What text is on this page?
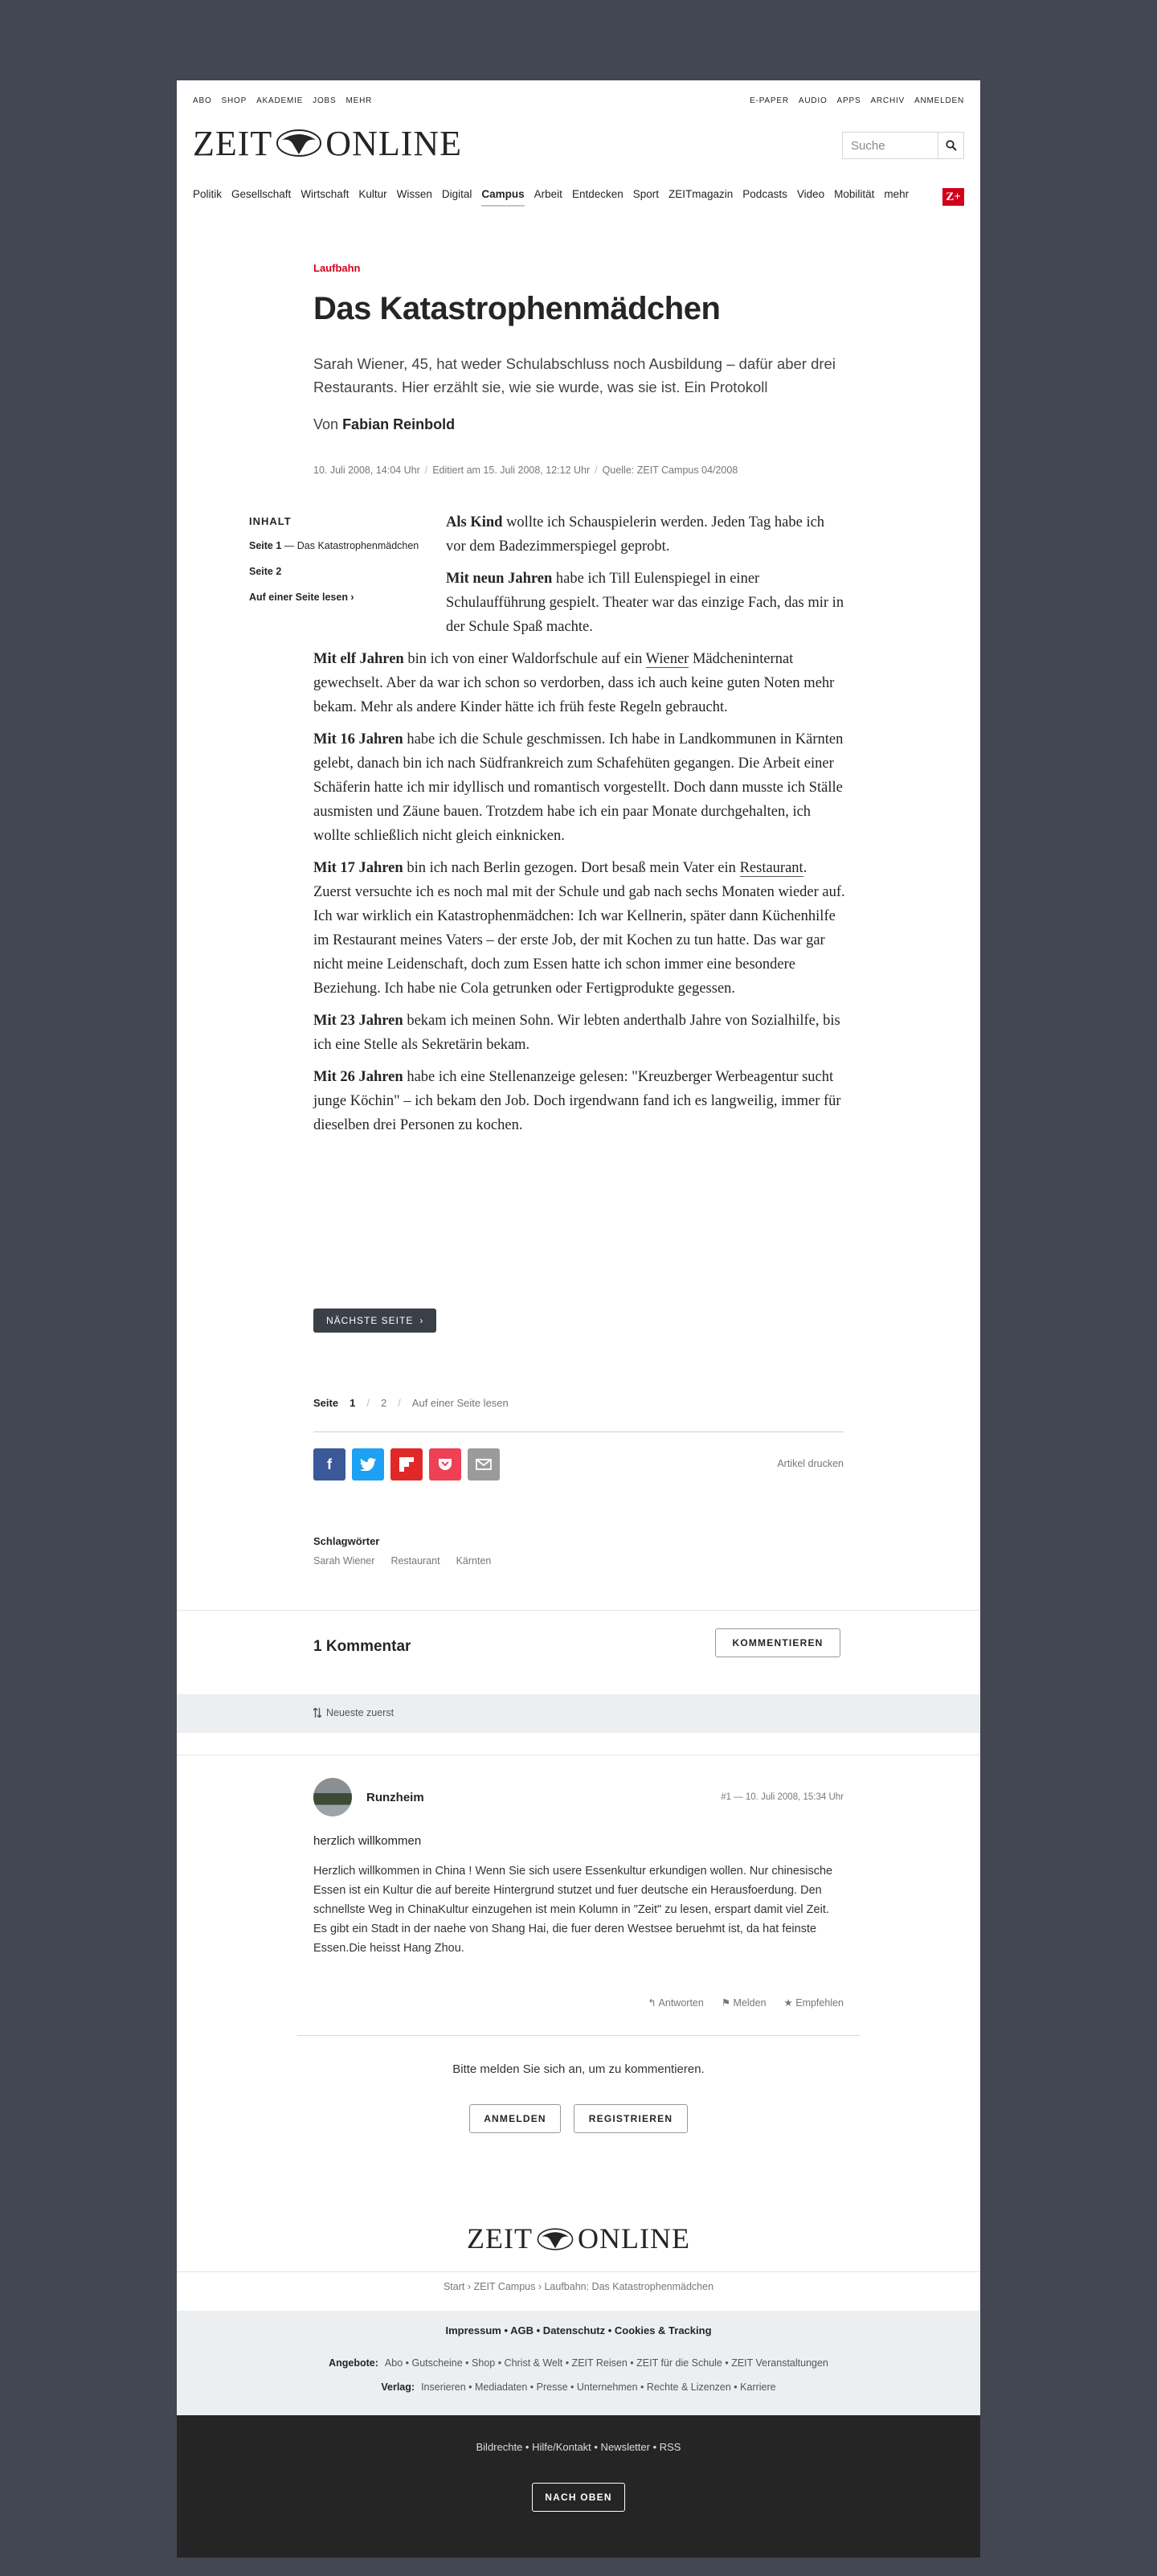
ABO SHOP AKADEMIE JOBS MEHR	E-PAPER AUDIO APPS ARCHIV ANMELDEN
ZEIT ONLINE
Suche
Politik Gesellschaft Wirtschaft Kultur Wissen Digital Campus Arbeit Entdecken Sport ZEITmagazin Podcasts Video Mobilität mehr	Z+
Laufbahn
Das Katastrophenmädchen

Sarah Wiener, 45, hat weder Schulabschluss noch Ausbildung – dafür aber drei Restaurants. Hier erzählt sie, wie sie wurde, was sie ist. Ein Protokoll

Von Fabian Reinbold
10. Juli 2008, 14:04 Uhr / Editiert am 15. Juli 2008, 12:12 Uhr / Quelle: ZEIT Campus 04/2008
INHALT
Seite 1 — Das Katastrophenmädchen
Seite 2
Auf einer Seite lesen ›

Als Kind wollte ich Schauspielerin werden. Jeden Tag habe ich vor dem Badezimmerspiegel geprobt.

Mit neun Jahren habe ich Till Eulenspiegel in einer Schulaufführung gespielt. Theater war das einzige Fach, das mir in der Schule Spaß machte.

Mit elf Jahren bin ich von einer Waldorfschule auf ein Wiener Mädcheninternat gewechselt. Aber da war ich schon so verdorben, dass ich auch keine guten Noten mehr bekam. Mehr als andere Kinder hätte ich früh feste Regeln gebraucht.

Mit 16 Jahren habe ich die Schule geschmissen. Ich habe in Landkommunen in Kärnten gelebt, danach bin ich nach Südfrankreich zum Schafehüten gegangen. Die Arbeit einer Schäferin hatte ich mir idyllisch und romantisch vorgestellt. Doch dann musste ich Ställe ausmisten und Zäune bauen. Trotzdem habe ich ein paar Monate durchgehalten, ich wollte schließlich nicht gleich einknicken.

Mit 17 Jahren bin ich nach Berlin gezogen. Dort besaß mein Vater ein Restaurant. Zuerst versuchte ich es noch mal mit der Schule und gab nach sechs Monaten wieder auf. Ich war wirklich ein Katastrophenmädchen: Ich war Kellnerin, später dann Küchenhilfe im Restaurant meines Vaters – der erste Job, der mit Kochen zu tun hatte. Das war gar nicht meine Leidenschaft, doch zum Essen hatte ich schon immer eine besondere Beziehung. Ich habe nie Cola getrunken oder Fertigprodukte gegessen.

Mit 23 Jahren bekam ich meinen Sohn. Wir lebten anderthalb Jahre von Sozialhilfe, bis ich eine Stelle als Sekretärin bekam.

Mit 26 Jahren habe ich eine Stellenanzeige gelesen: "Kreuzberger Werbeagentur sucht junge Köchin" – ich bekam den Job. Doch irgendwann fand ich es langweilig, immer für dieselben drei Personen zu kochen.

NÄCHSTE SEITE ›
Seite 1 / 2 / Auf einer Seite lesen
f	Artikel drucken
Schlagwörter
Sarah Wiener Restaurant Kärnten
1 Kommentar	KOMMENTIEREN
Neueste zuerst
Runzheim	#1 — 10. Juli 2008, 15:34 Uhr
herzlich willkommen
Herzlich willkommen in China ! Wenn Sie sich usere Essenkultur erkundigen wollen. Nur chinesische Essen ist ein Kultur die auf bereite Hintergrund stutzet und fuer deutsche ein Herausfoerdung. Den schnellste Weg in ChinaKultur einzugehen ist mein Kolumn in "Zeit" zu lesen, erspart damit viel Zeit.
Es gibt ein Stadt in der naehe von Shang Hai, die fuer deren Westsee beruehmt ist, da hat feinste Essen.Die heisst Hang Zhou.
↰ Antworten ⚑ Melden ★ Empfehlen
Bitte melden Sie sich an, um zu kommentieren.
ANMELDEN	REGISTRIEREN
ZEIT ONLINE
Start › ZEIT Campus › Laufbahn: Das Katastrophenmädchen
Impressum • AGB • Datenschutz • Cookies & Tracking
Angebote: Abo • Gutscheine • Shop • Christ & Welt • ZEIT Reisen • ZEIT für die Schule • ZEIT Veranstaltungen
Verlag: Inserieren • Mediadaten • Presse • Unternehmen • Rechte & Lizenzen • Karriere
Bildrechte • Hilfe/Kontakt • Newsletter • RSS
NACH OBEN
